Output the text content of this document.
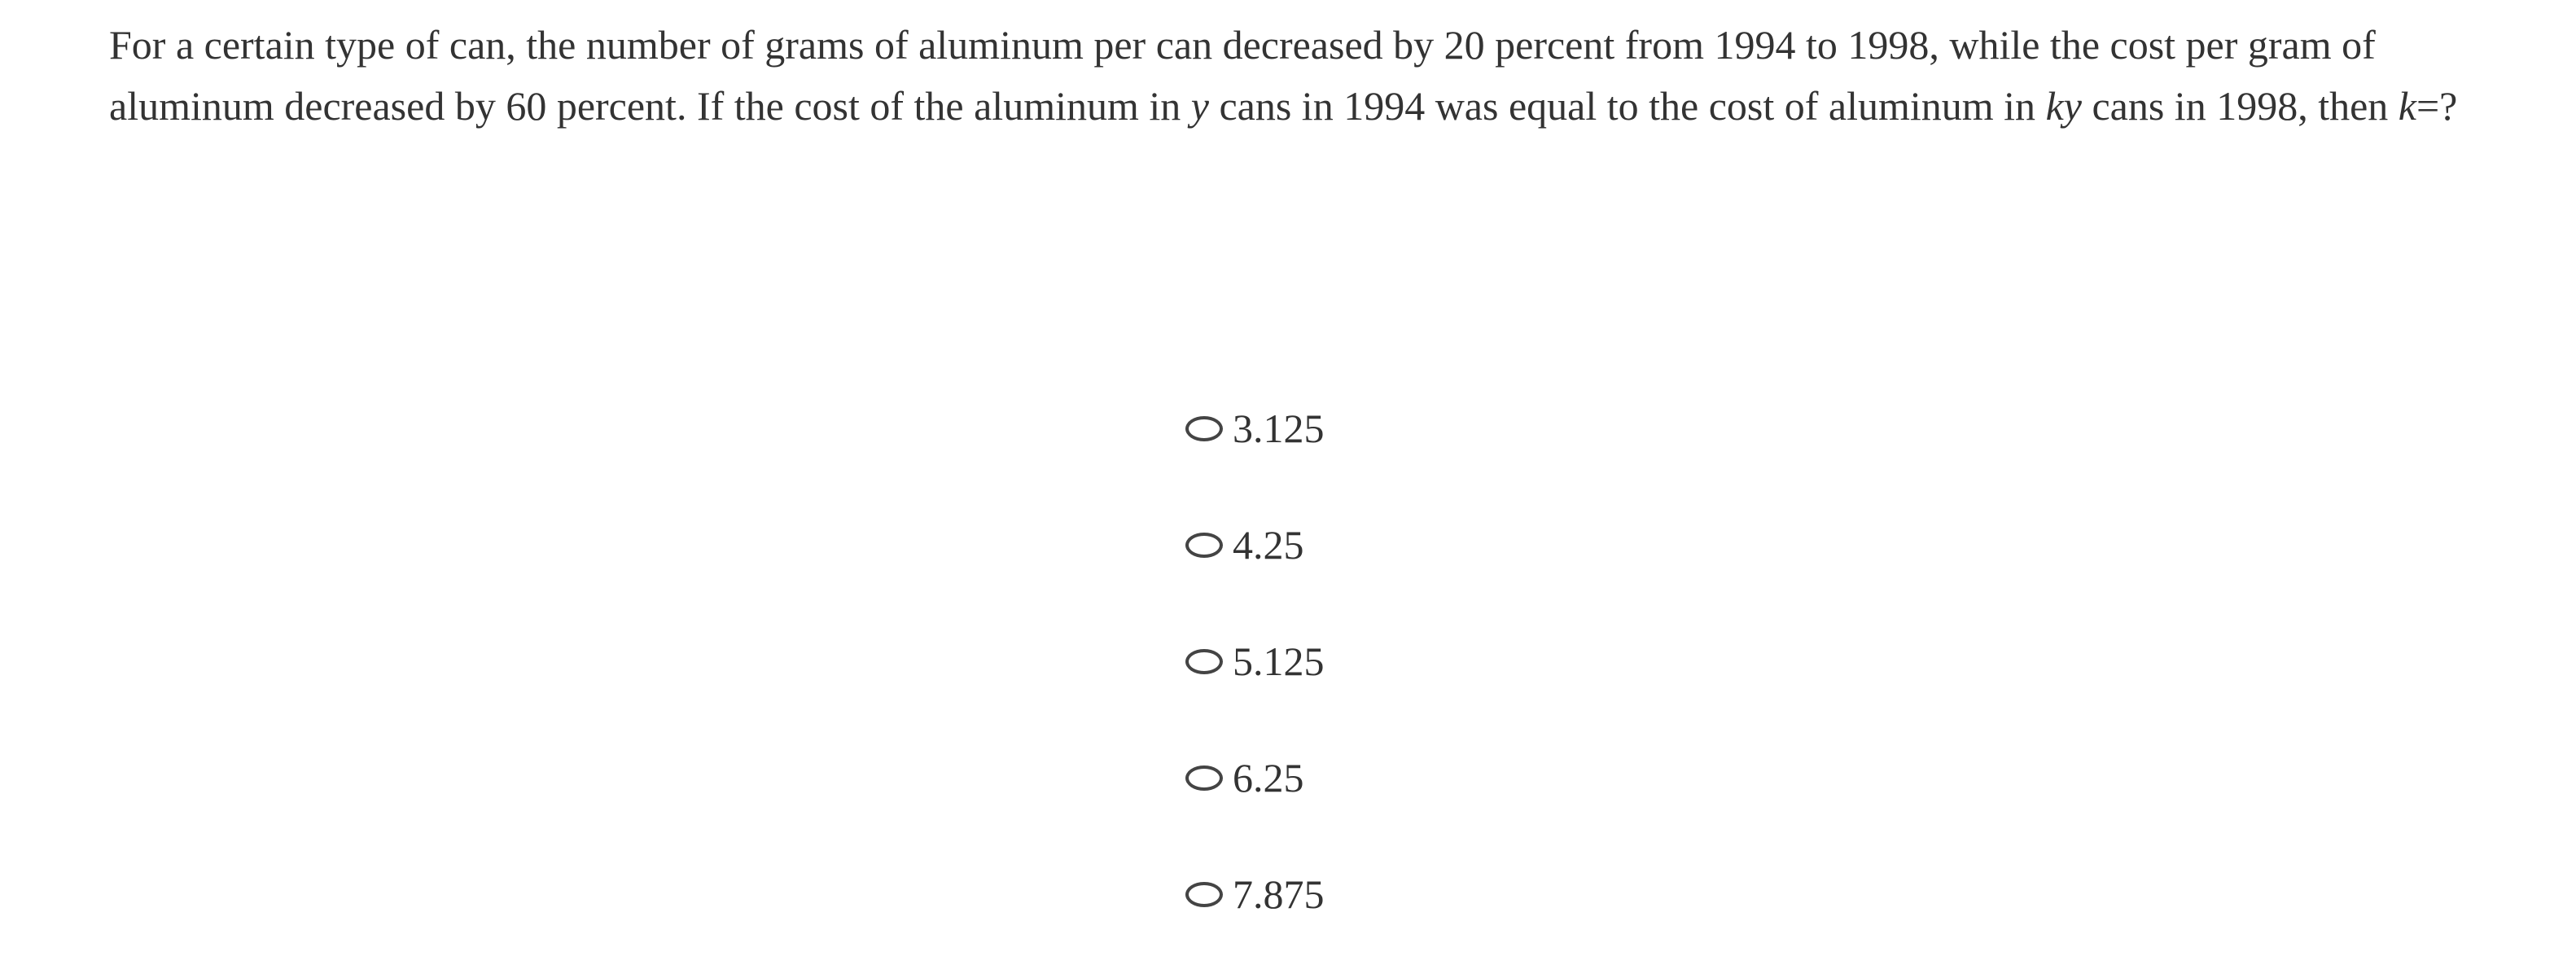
For a certain type of can, the number of grams of aluminum per can decreased by 20 percent from 1994 to 1998, while the cost per gram of aluminum decreased by 60 percent. If the cost of the aluminum in y cans in 1994 was equal to the cost of aluminum in ky cans in 1998, then k=?

3.125
4.25
5.125
6.25
7.875
